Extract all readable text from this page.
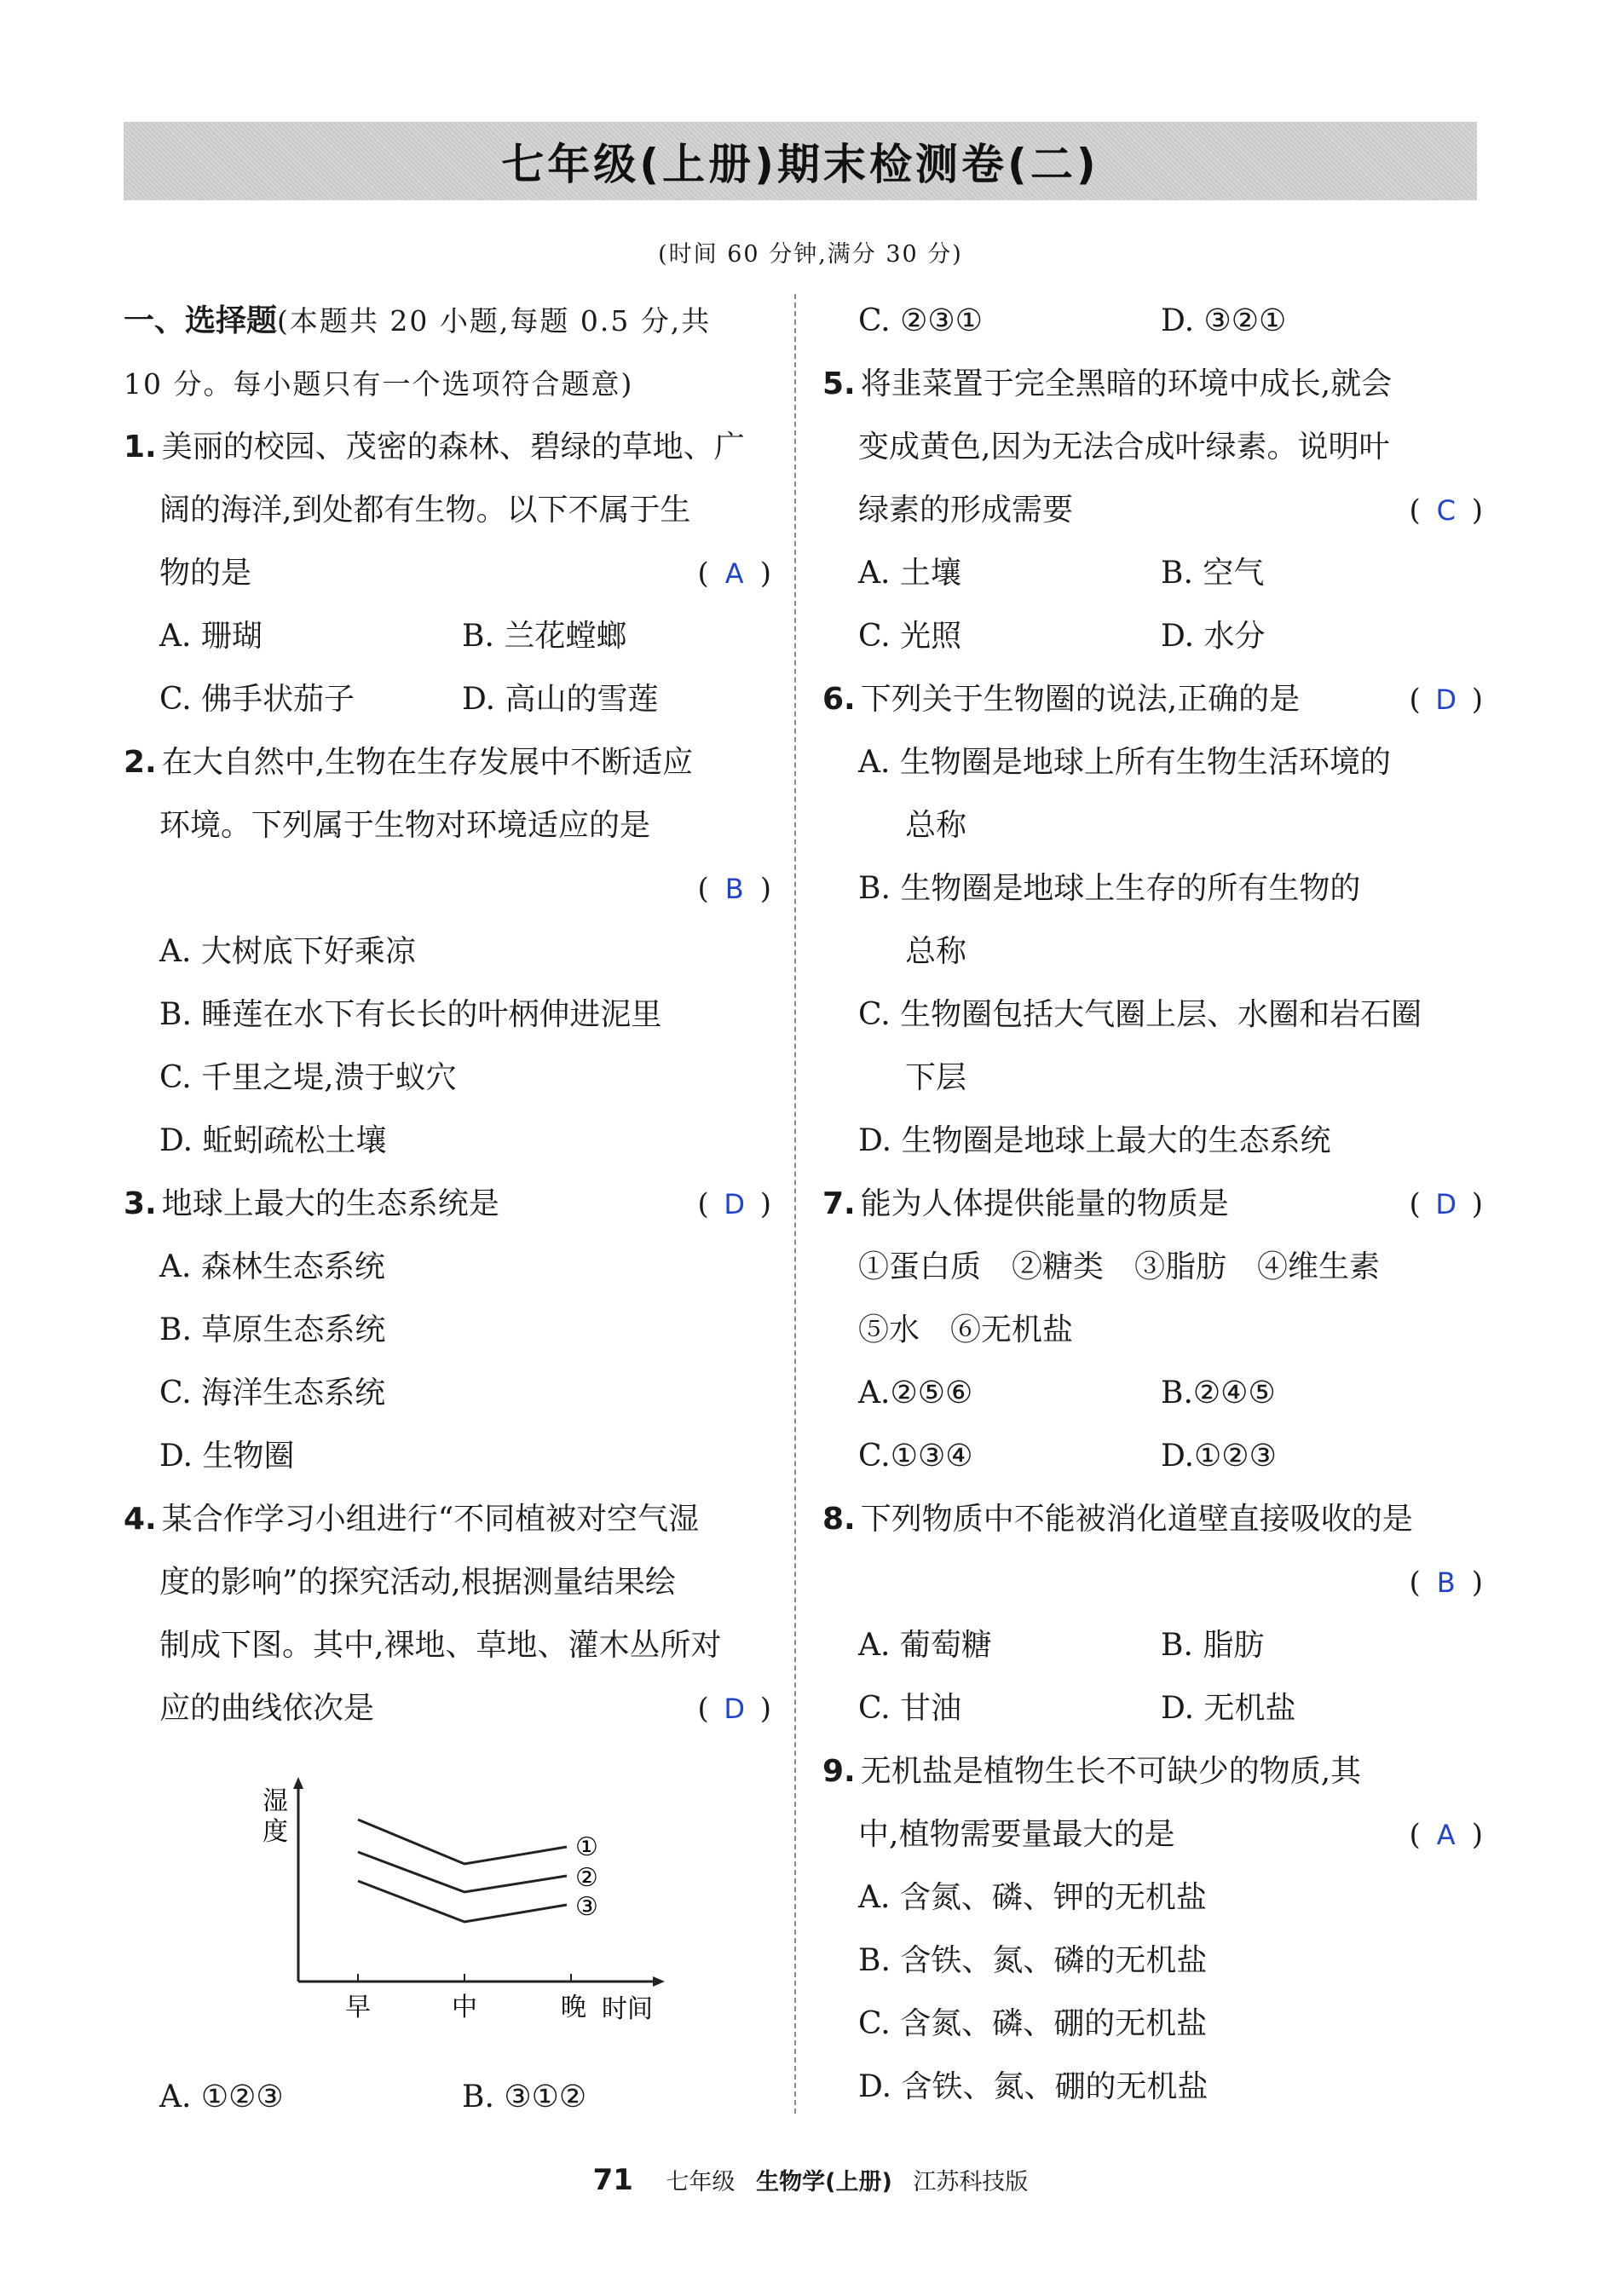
七年级(上册)期末检测卷(二)
(时间 60 分钟,满分 30 分)
一、选择题(本题共 20 小题,每题 0.5 分,共
10 分。每小题只有一个选项符合题意)
1. 美丽的校园、茂密的森林、碧绿的草地、广
阔的海洋,到处都有生物。以下不属于生
物的是	( A )
A. 珊瑚	B. 兰花螳螂
C. 佛手状茄子	D. 高山的雪莲
2. 在大自然中,生物在生存发展中不断适应
环境。下列属于生物对环境适应的是
( B )
A. 大树底下好乘凉
B. 睡莲在水下有长长的叶柄伸进泥里
C. 千里之堤,溃于蚁穴
D. 蚯蚓疏松土壤
3. 地球上最大的生态系统是	( D )
A. 森林生态系统
B. 草原生态系统
C. 海洋生态系统
D. 生物圈
4. 某合作学习小组进行“不同植被对空气湿
度的影响”的探究活动,根据测量结果绘
制成下图。其中,裸地、草地、灌木丛所对
应的曲线依次是	( D )
湿
度
①
②
③
早	中	晚 时间
A. ①②③	B. ③①②
C. ②③①	D. ③②①
5. 将韭菜置于完全黑暗的环境中成长,就会
变成黄色,因为无法合成叶绿素。说明叶
绿素的形成需要	( C )
A. 土壤	B. 空气
C. 光照	D. 水分
6. 下列关于生物圈的说法,正确的是	( D )
A. 生物圈是地球上所有生物生活环境的
总称
B. 生物圈是地球上生存的所有生物的
总称
C. 生物圈包括大气圈上层、水圈和岩石圈
下层
D. 生物圈是地球上最大的生态系统
7. 能为人体提供能量的物质是	( D )
①蛋白质　②糖类　③脂肪　④维生素
⑤水　⑥无机盐
A.②⑤⑥	B.②④⑤
C.①③④	D.①②③
8. 下列物质中不能被消化道壁直接吸收的是
( B )
A. 葡萄糖	B. 脂肪
C. 甘油	D. 无机盐
9. 无机盐是植物生长不可缺少的物质,其
中,植物需要量最大的是	( A )
A. 含氮、磷、钾的无机盐
B. 含铁、氮、磷的无机盐
C. 含氮、磷、硼的无机盐
D. 含铁、氮、硼的无机盐
71 七年级 生物学(上册) 江苏科技版
